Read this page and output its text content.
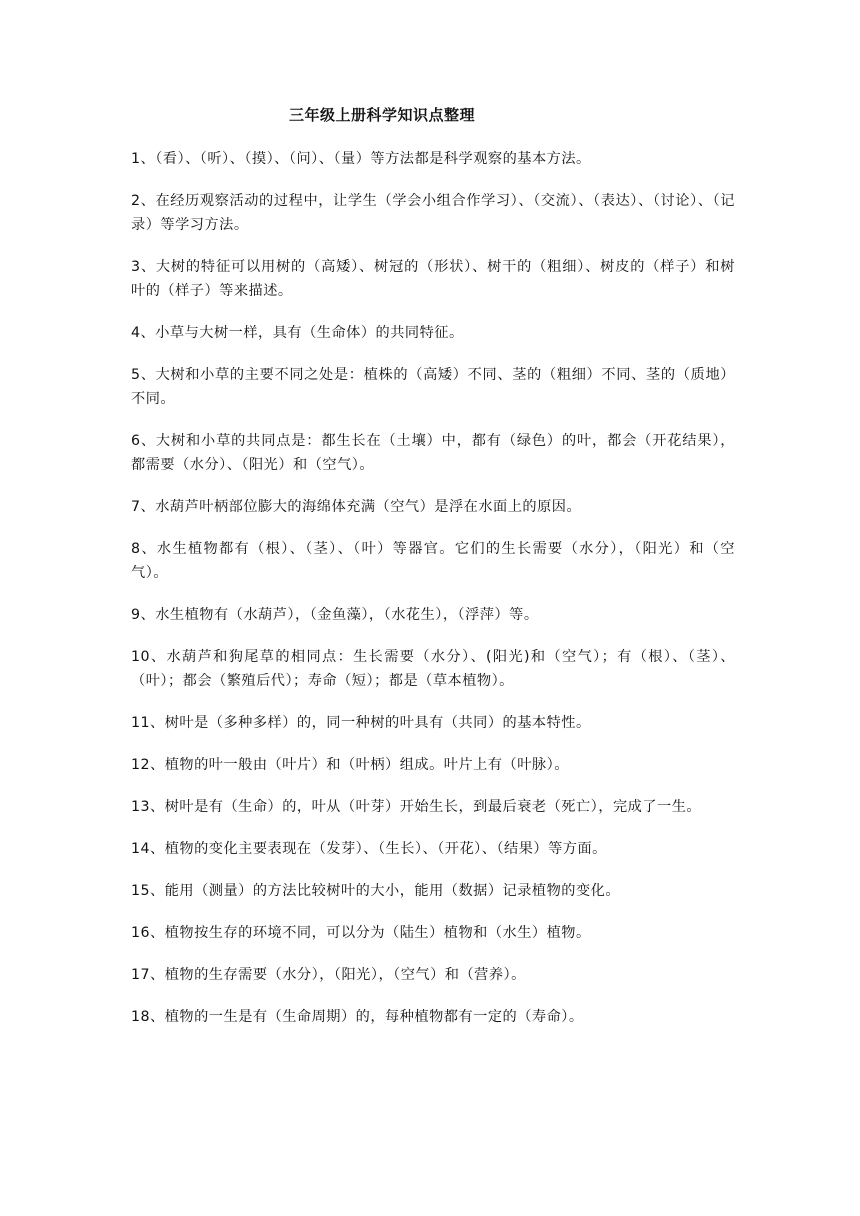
三年级上册科学知识点整理

1、（看）、（听）、（摸）、（问）、（量）等方法都是科学观察的基本方法。

2、在经历观察活动的过程中，让学生（学会小组合作学习）、（交流）、（表达）、（讨论）、（记录）等学习方法。

3、大树的特征可以用树的（高矮）、树冠的（形状）、树干的（粗细）、树皮的（样子）和树叶的（样子）等来描述。

4、小草与大树一样，具有（生命体）的共同特征。

5、大树和小草的主要不同之处是：植株的（高矮）不同、茎的（粗细）不同、茎的（质地）不同。

6、大树和小草的共同点是：都生长在（土壤）中，都有（绿色）的叶，都会（开花结果），都需要（水分）、（阳光）和（空气）。

7、水葫芦叶柄部位膨大的海绵体充满（空气）是浮在水面上的原因。

8、水生植物都有（根）、（茎）、（叶）等器官。它们的生长需要（水分），（阳光）和（空气）。

9、水生植物有（水葫芦），（金鱼藻），（水花生），（浮萍）等。

10、水葫芦和狗尾草的相同点：生长需要（水分）、(阳光)和（空气）；有（根）、（茎）、（叶）；都会（繁殖后代）；寿命（短）；都是（草本植物）。

11、树叶是（多种多样）的，同一种树的叶具有（共同）的基本特性。

12、植物的叶一般由（叶片）和（叶柄）组成。叶片上有（叶脉）。

13、树叶是有（生命）的，叶从（叶芽）开始生长，到最后衰老（死亡），完成了一生。

14、植物的变化主要表现在（发芽）、（生长）、（开花）、（结果）等方面。

15、能用（测量）的方法比较树叶的大小，能用（数据）记录植物的变化。

16、植物按生存的环境不同，可以分为（陆生）植物和（水生）植物。

17、植物的生存需要（水分），（阳光），（空气）和（营养）。

18、植物的一生是有（生命周期）的，每种植物都有一定的（寿命）。
